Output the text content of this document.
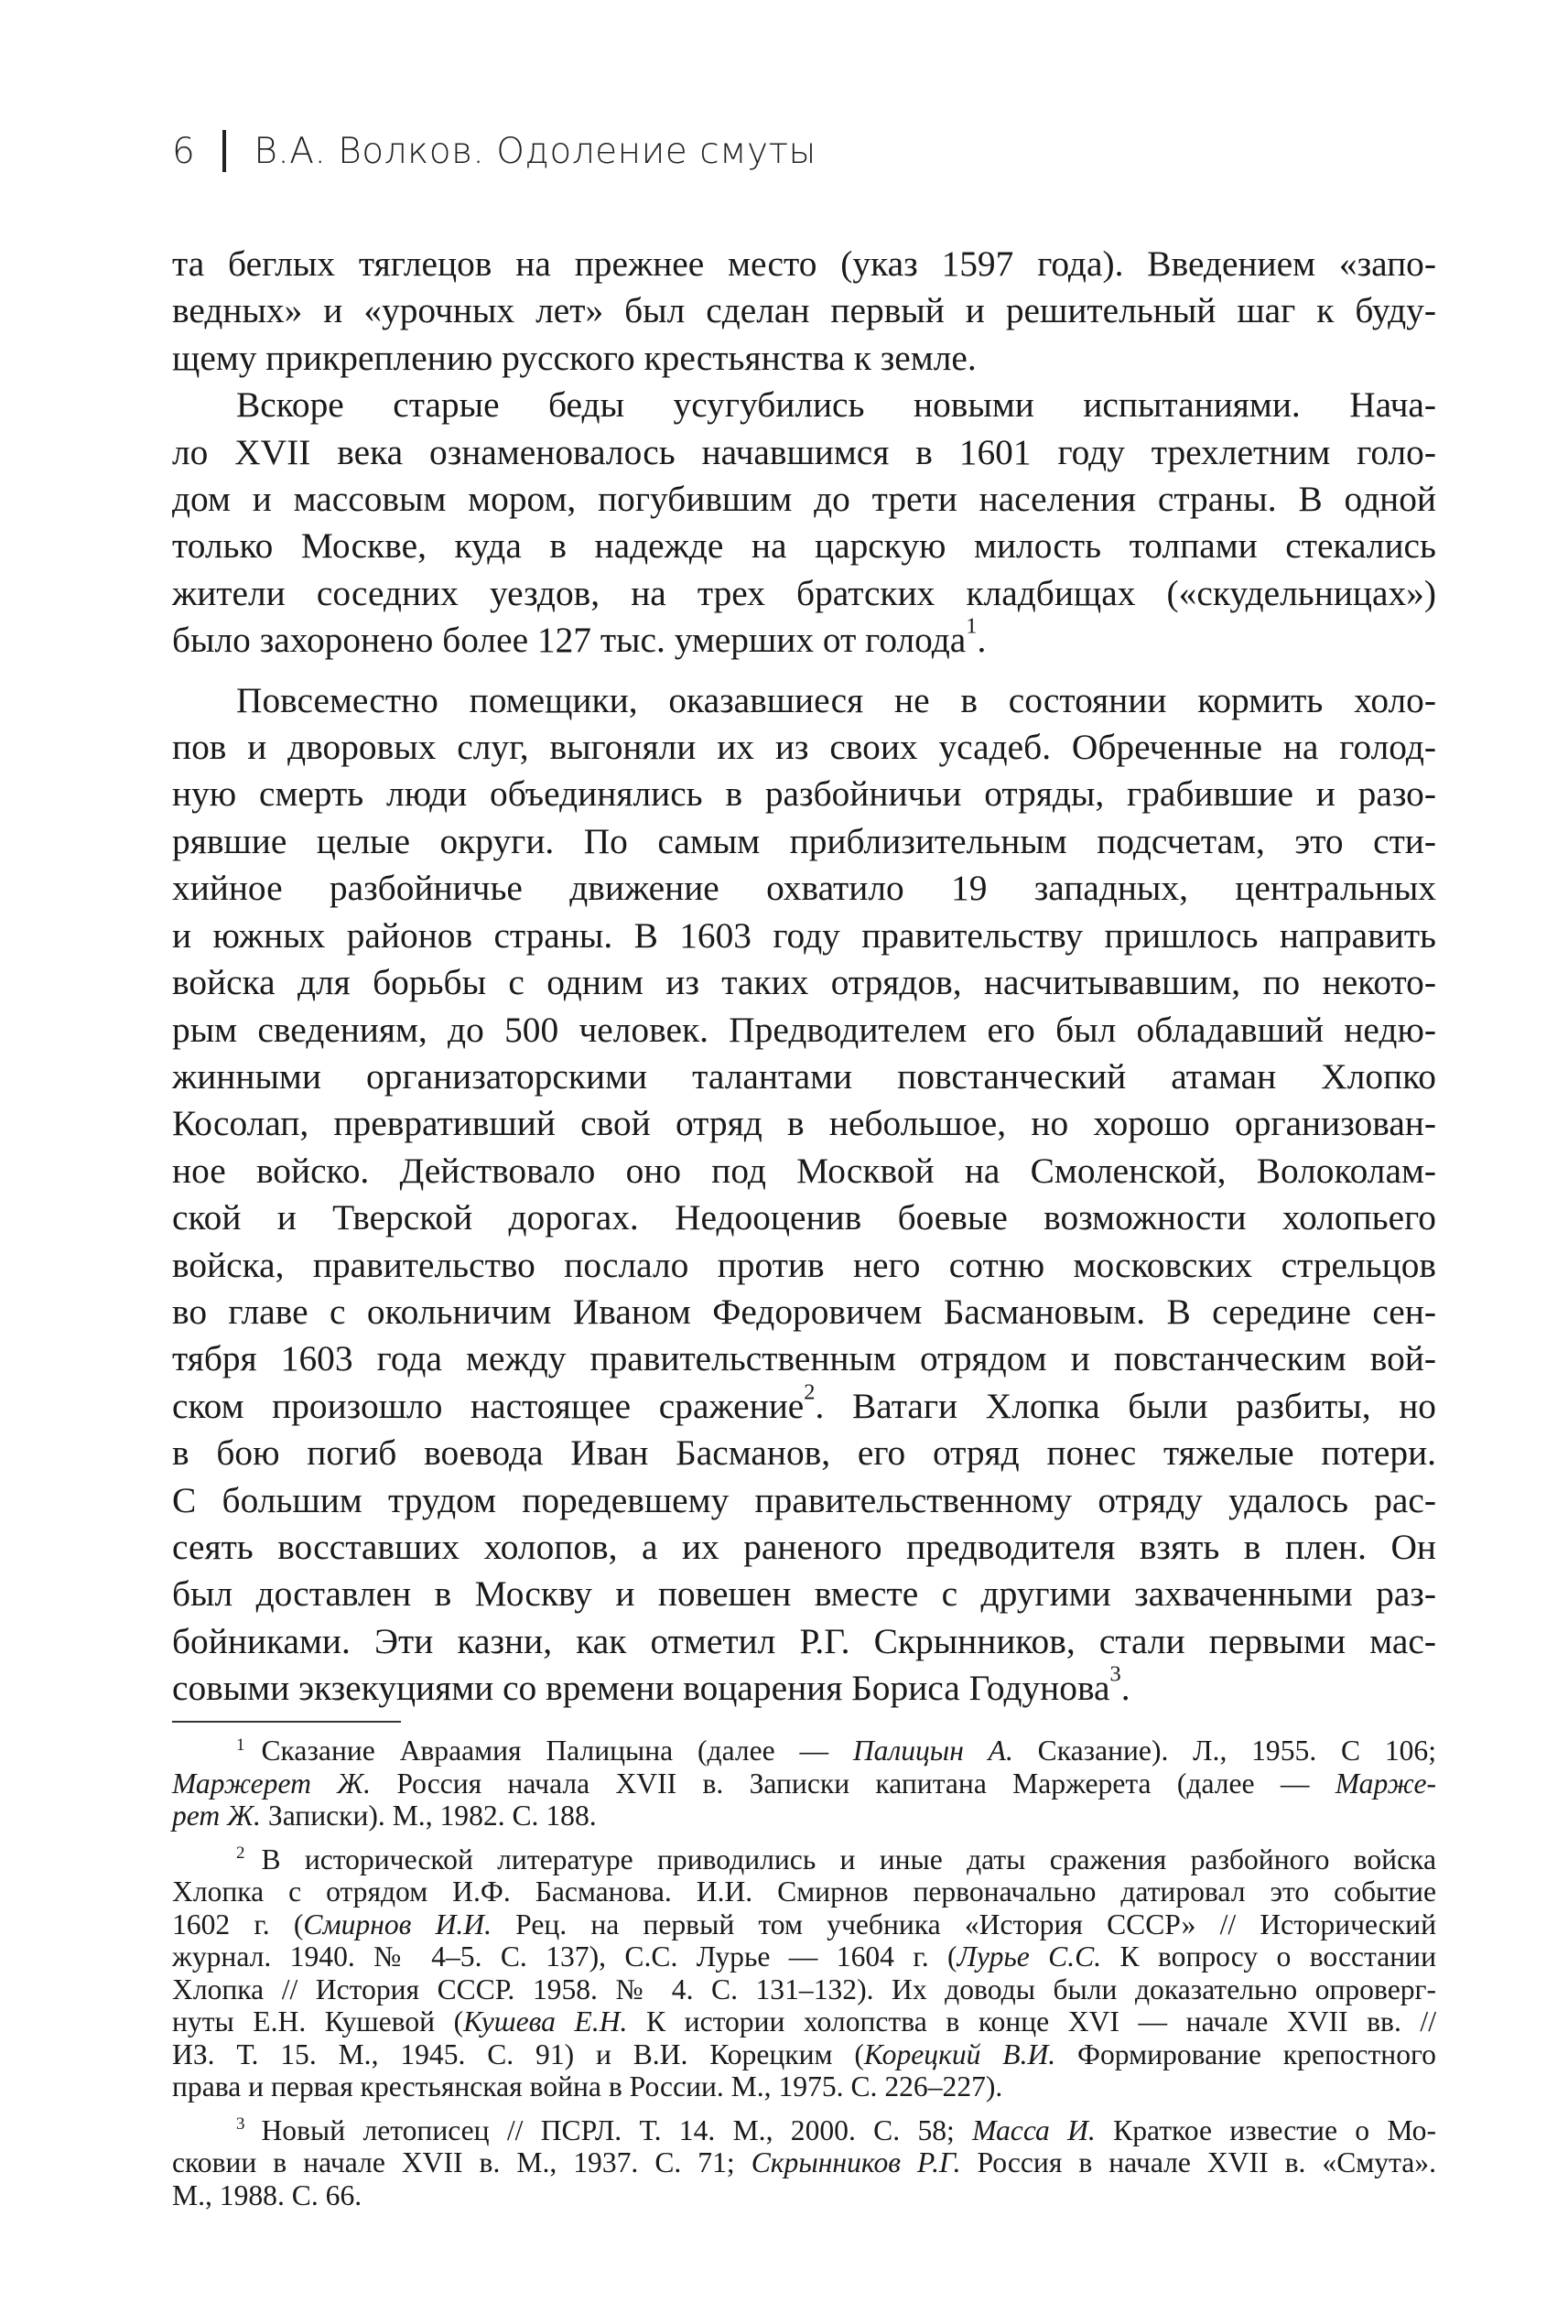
6 В.А. Волков. Одоление смуты
та беглых тяглецов на прежнее место (указ 1597 года). Введением «запо-
ведных» и «урочных лет» был сделан первый и решительный шаг к буду-
щему прикреплению русского крестьянства к земле.
Вскоре старые беды усугубились новыми испытаниями. Нача-
ло XVII века ознаменовалось начавшимся в 1601 году трехлетним голо-
дом и массовым мором, погубившим до трети населения страны. В одной
только Москве, куда в надежде на царскую милость толпами стекались
жители соседних уездов, на трех братских кладбищах («скудельницах»)
было захоронено более 127 тыс. умерших от голода$^1$.
Повсеместно помещики, оказавшиеся не в состоянии кормить холо-
пов и дворовых слуг, выгоняли их из своих усадеб. Обреченные на голод-
ную смерть люди объединялись в разбойничьи отряды, грабившие и разо-
рявшие целые округи. По самым приблизительным подсчетам, это сти-
хийное разбойничье движение охватило 19 западных, центральных
и южных районов страны. В 1603 году правительству пришлось направить
войска для борьбы с одним из таких отрядов, насчитывавшим, по некото-
рым сведениям, до 500 человек. Предводителем его был обладавший недю-
жинными организаторскими талантами повстанческий атаман Хлопко
Косолап, превративший свой отряд в небольшое, но хорошо организован-
ное войско. Действовало оно под Москвой на Смоленской, Волоколам-
ской и Тверской дорогах. Недооценив боевые возможности холопьего
войска, правительство послало против него сотню московских стрельцов
во главе с окольничим Иваном Федоровичем Басмановым. В середине сен-
тября 1603 года между правительственным отрядом и повстанческим вой-
ском произошло настоящее сражение$^2$. Ватаги Хлопка были разбиты, но
в бою погиб воевода Иван Басманов, его отряд понес тяжелые потери.
С большим трудом поредевшему правительственному отряду удалось рас-
сеять восставших холопов, а их раненого предводителя взять в плен. Он
был доставлен в Москву и повешен вместе с другими захваченными раз-
бойниками. Эти казни, как отметил Р.Г. Скрынников, стали первыми мас-
совыми экзекуциями со времени воцарения Бориса Годунова$^3$.
$^1$ Сказание Авраамия Палицына (далее — Палицын А. Сказание). Л., 1955. С 106;
Маржерет Ж. Россия начала XVII в. Записки капитана Маржерета (далее — Марже-
рет Ж. Записки). М., 1982. С. 188.
$^2$ В исторической литературе приводились и иные даты сражения разбойного войска
Хлопка с отрядом И.Ф. Басманова. И.И. Смирнов первоначально датировал это событие
1602 г. (Смирнов И.И. Рец. на первый том учебника «История СССР» // Исторический
журнал. 1940. № 4–5. С. 137), С.С. Лурье — 1604 г. (Лурье С.С. К вопросу о восстании
Хлопка // История СССР. 1958. № 4. С. 131–132). Их доводы были доказательно опроверг-
нуты Е.Н. Кушевой (Кушева Е.Н. К истории холопства в конце XVI — начале XVII вв. //
ИЗ. Т. 15. М., 1945. С. 91) и В.И. Корецким (Корецкий В.И. Формирование крепостного
права и первая крестьянская война в России. М., 1975. С. 226–227).
$^3$ Новый летописец // ПСРЛ. Т. 14. М., 2000. С. 58; Масса И. Краткое известие о Мо-
сковии в начале XVII в. М., 1937. С. 71; Скрынников Р.Г. Россия в начале XVII в. «Смута».
М., 1988. С. 66.
